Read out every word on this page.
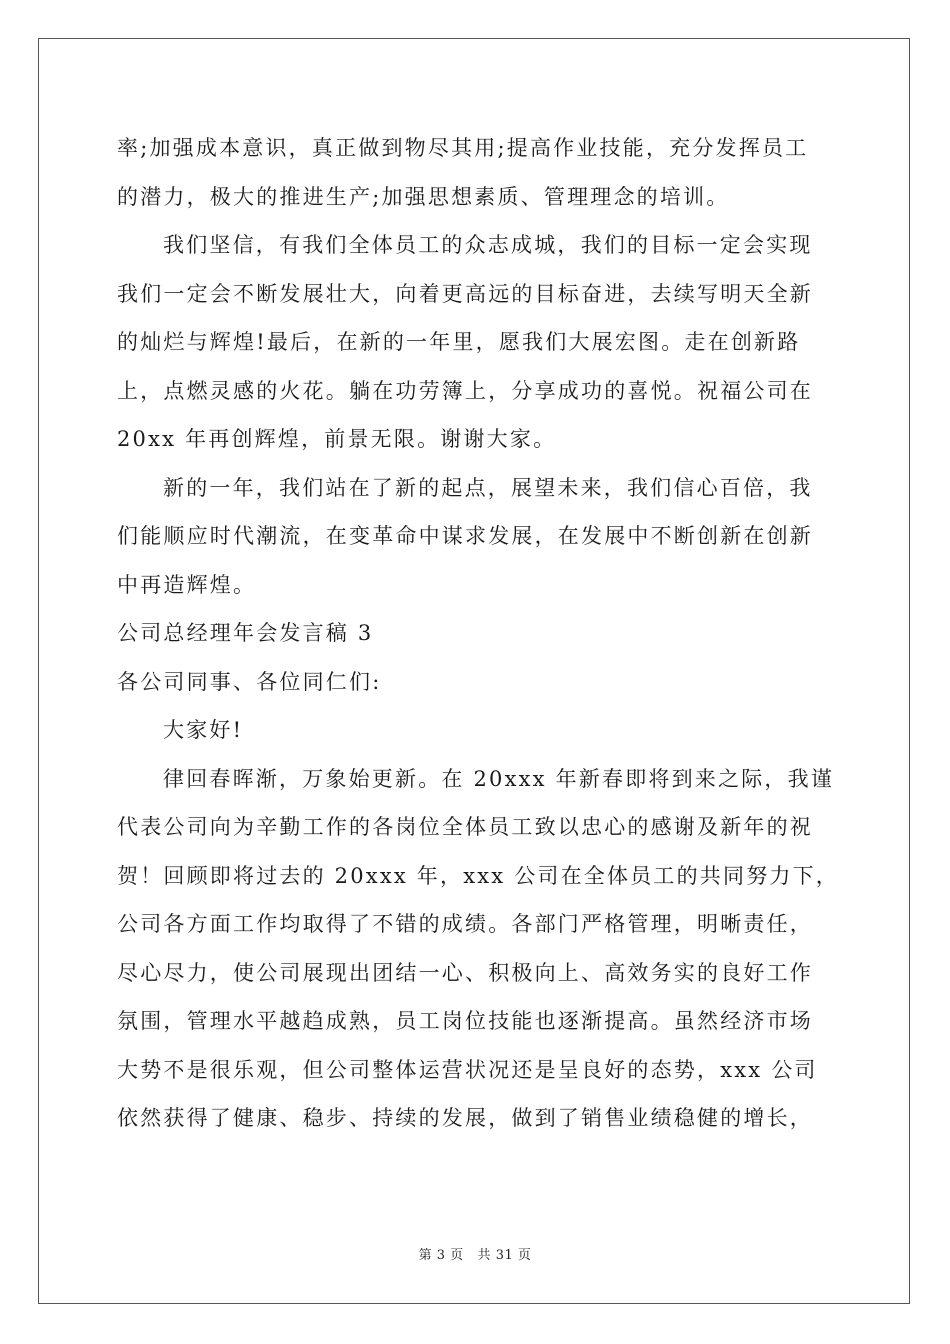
率;加强成本意识，真正做到物尽其用;提高作业技能，充分发挥员工
的潜力，极大的推进生产;加强思想素质、管理理念的培训。
我们坚信，有我们全体员工的众志成城，我们的目标一定会实现
我们一定会不断发展壮大，向着更高远的目标奋进，去续写明天全新
的灿烂与辉煌!最后，在新的一年里，愿我们大展宏图。走在创新路
上，点燃灵感的火花。躺在功劳簿上，分享成功的喜悦。祝福公司在
20xx 年再创辉煌，前景无限。谢谢大家。
新的一年，我们站在了新的起点，展望未来，我们信心百倍，我
们能顺应时代潮流，在变革命中谋求发展，在发展中不断创新在创新
中再造辉煌。
公司总经理年会发言稿 3
各公司同事、各位同仁们:
大家好!
律回春晖渐，万象始更新。在 20xxx 年新春即将到来之际，我谨
代表公司向为辛勤工作的各岗位全体员工致以忠心的感谢及新年的祝
贺！回顾即将过去的 20xxx 年，xxx 公司在全体员工的共同努力下，
公司各方面工作均取得了不错的成绩。各部门严格管理，明晰责任，
尽心尽力，使公司展现出团结一心、积极向上、高效务实的良好工作
氛围，管理水平越趋成熟，员工岗位技能也逐渐提高。虽然经济市场
大势不是很乐观，但公司整体运营状况还是呈良好的态势，xxx 公司
依然获得了健康、稳步、持续的发展，做到了销售业绩稳健的增长，
第 3 页   共 31 页
